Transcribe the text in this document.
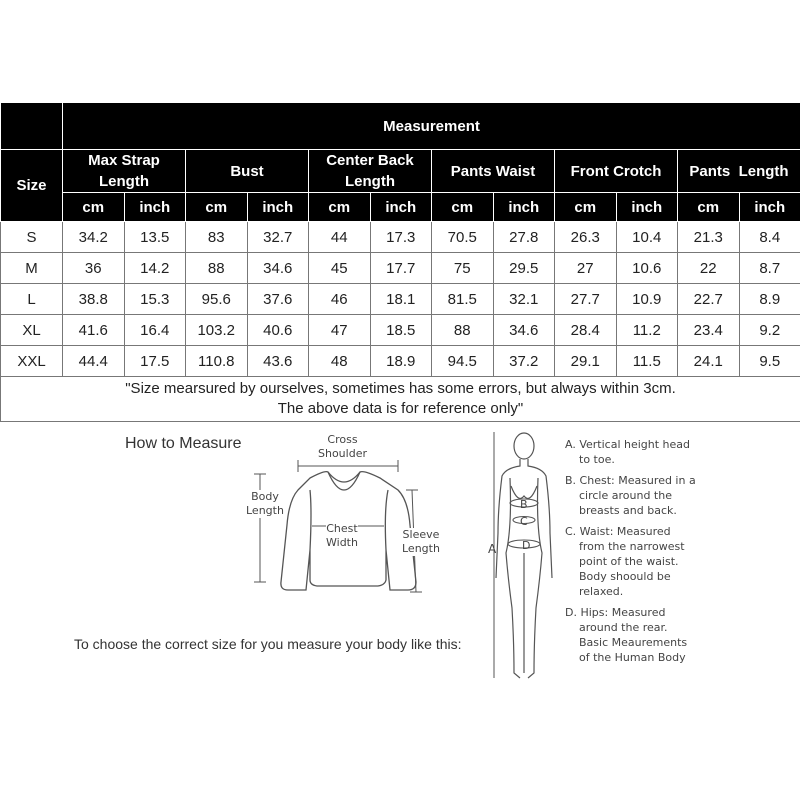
	Measurement											
Size	Max Strap Length		Bust		Center Back Length		Pants Waist		Front Crotch		Pants  Length	
	cm	inch	cm	inch	cm	inch	cm	inch	cm	inch	cm	inch
S	34.2	13.5	83	32.7	44	17.3	70.5	27.8	26.3	10.4	21.3	8.4
M	36	14.2	88	34.6	45	17.7	75	29.5	27	10.6	22	8.7
L	38.8	15.3	95.6	37.6	46	18.1	81.5	32.1	27.7	10.9	22.7	8.9
XL	41.6	16.4	103.2	40.6	47	18.5	88	34.6	28.4	11.2	23.4	9.2
XXL	44.4	17.5	110.8	43.6	48	18.9	94.5	37.2	29.1	11.5	24.1	9.5

"Size mearsured by ourselves, sometimes has some errors, but always within 3cm.
The above data is for reference only"												
How to Measure	Cross
Shoulder
Body
Length
Chest
Width
Sleeve
Length
To choose the correct size for you measure your body like this:
B
C
D
A

A. Vertical height head
to toe.

B. Chest: Measured in a
circle around the
breasts and back.

C. Waist: Measured
from the narrowest
point of the waist.
Body shoould be
relaxed.

D. Hips: Measured
around the rear.
Basic Meaurements
of the Human Body
